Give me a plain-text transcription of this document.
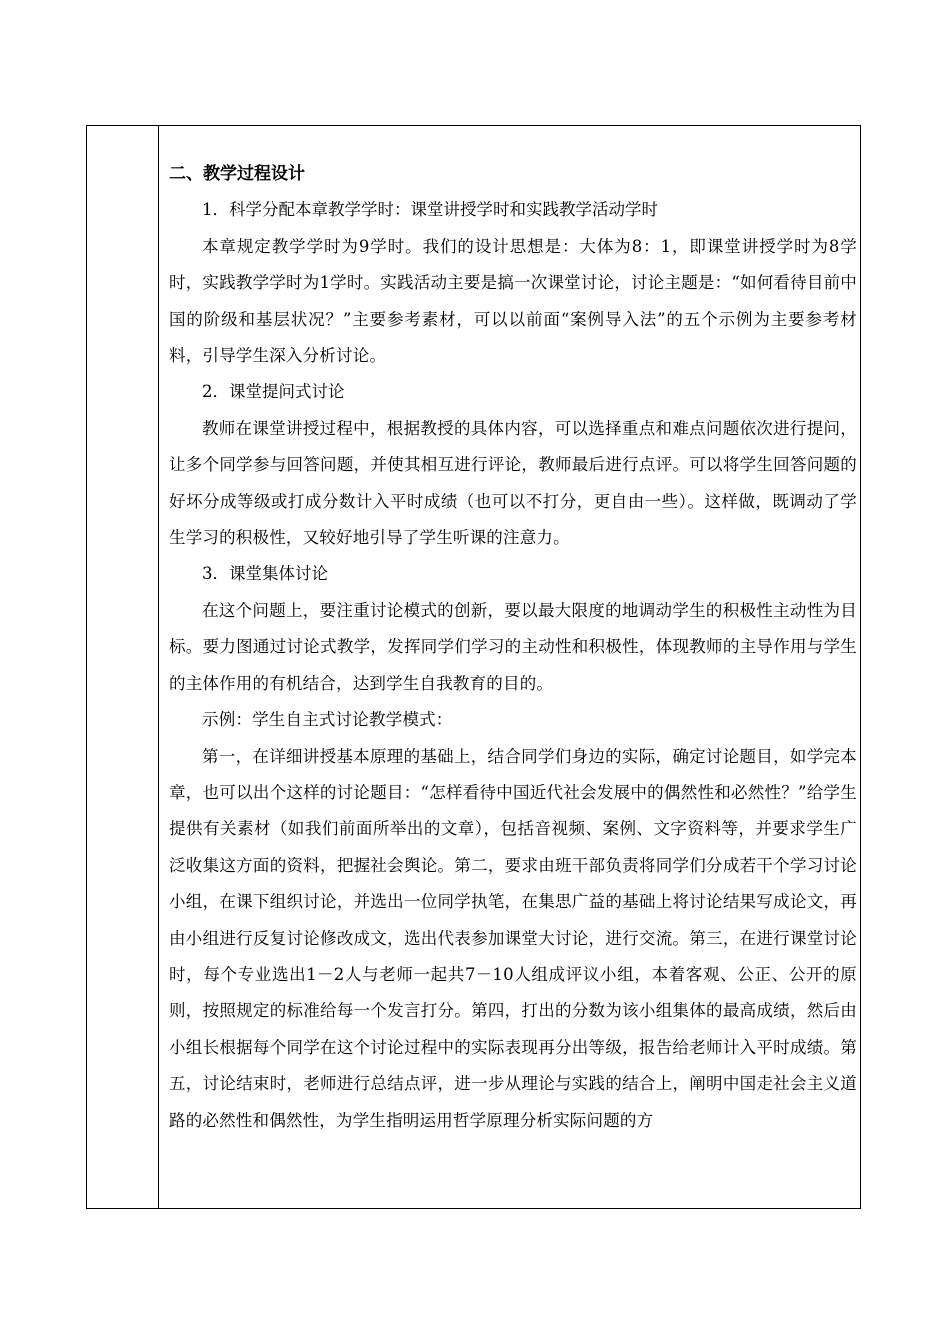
二、教学过程设计

1．科学分配本章教学学时：课堂讲授学时和实践教学活动学时

本章规定教学学时为9学时。我们的设计思想是：大体为8：1，即课堂讲授学时为8学时，实践教学学时为1学时。实践活动主要是搞一次课堂讨论，讨论主题是：“如何看待目前中国的阶级和基层状况？”主要参考素材，可以以前面“案例导入法”的五个示例为主要参考材料，引导学生深入分析讨论。

2．课堂提问式讨论

教师在课堂讲授过程中，根据教授的具体内容，可以选择重点和难点问题依次进行提问，让多个同学参与回答问题，并使其相互进行评论，教师最后进行点评。可以将学生回答问题的好坏分成等级或打成分数计入平时成绩（也可以不打分，更自由一些）。这样做，既调动了学生学习的积极性，又较好地引导了学生听课的注意力。

3．课堂集体讨论

在这个问题上，要注重讨论模式的创新，要以最大限度的地调动学生的积极性主动性为目标。要力图通过讨论式教学，发挥同学们学习的主动性和积极性，体现教师的主导作用与学生的主体作用的有机结合，达到学生自我教育的目的。

示例：学生自主式讨论教学模式：

第一，在详细讲授基本原理的基础上，结合同学们身边的实际，确定讨论题目，如学完本章，也可以出个这样的讨论题目：“怎样看待中国近代社会发展中的偶然性和必然性？”给学生提供有关素材（如我们前面所举出的文章），包括音视频、案例、文字资料等，并要求学生广泛收集这方面的资料，把握社会舆论。第二，要求由班干部负责将同学们分成若干个学习讨论小组，在课下组织讨论，并选出一位同学执笔，在集思广益的基础上将讨论结果写成论文，再由小组进行反复讨论修改成文，选出代表参加课堂大讨论，进行交流。第三，在进行课堂讨论时，每个专业选出1－2人与老师一起共7－10人组成评议小组，本着客观、公正、公开的原则，按照规定的标准给每一个发言打分。第四，打出的分数为该小组集体的最高成绩，然后由小组长根据每个同学在这个讨论过程中的实际表现再分出等级，报告给老师计入平时成绩。第五，讨论结束时，老师进行总结点评，进一步从理论与实践的结合上，阐明中国走社会主义道路的必然性和偶然性，为学生指明运用哲学原理分析实际问题的方
